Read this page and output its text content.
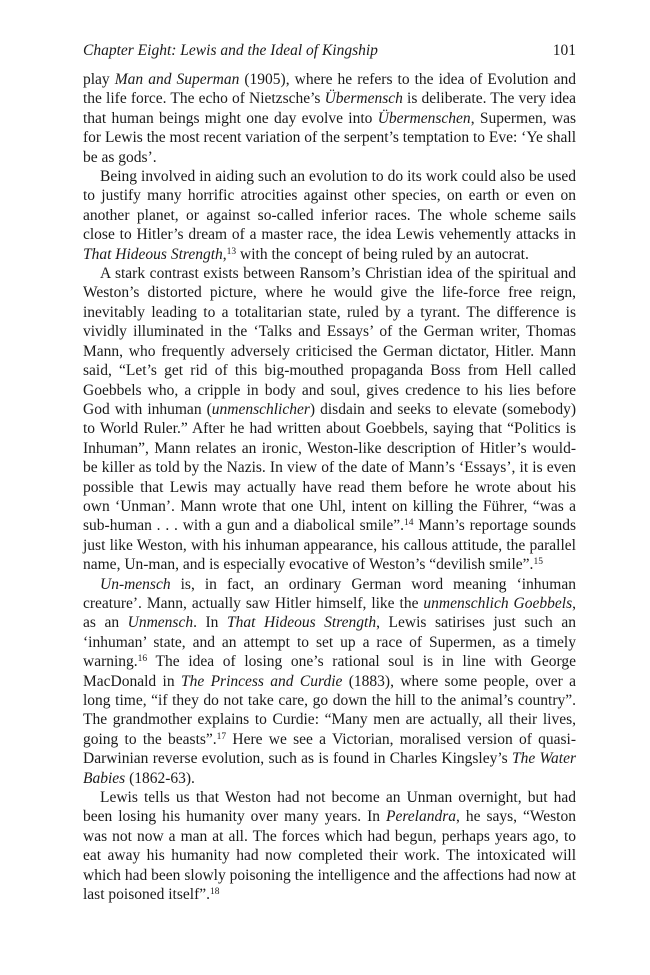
Chapter Eight: Lewis and the Ideal of Kingship	101

play Man and Superman (1905), where he refers to the idea of Evolution and the life force. The echo of Nietzsche’s Übermensch is deliberate. The very idea that human beings might one day evolve into Übermenschen, Supermen, was for Lewis the most recent variation of the serpent’s temptation to Eve: ‘Ye shall be as gods’.

Being involved in aiding such an evolution to do its work could also be used to justify many horrific atrocities against other species, on earth or even on another planet, or against so-called inferior races. The whole scheme sails close to Hitler’s dream of a master race, the idea Lewis vehemently attacks in That Hideous Strength,$^{13}$ with the concept of being ruled by an autocrat.

A stark contrast exists between Ransom’s Christian idea of the spiritual and Weston’s distorted picture, where he would give the life-force free reign, inevitably leading to a totalitarian state, ruled by a tyrant. The difference is vividly illuminated in the ‘Talks and Essays’ of the German writer, Thomas Mann, who frequently adversely criticised the German dictator, Hitler. Mann said, “Let’s get rid of this big-mouthed propaganda Boss from Hell called Goebbels who, a cripple in body and soul, gives credence to his lies before God with inhuman (unmenschlicher) disdain and seeks to elevate (somebody) to World Ruler.” After he had written about Goebbels, saying that “Politics is Inhuman”, Mann relates an ironic, Weston-like description of Hitler’s would-be killer as told by the Nazis. In view of the date of Mann’s ‘Essays’, it is even possible that Lewis may actually have read them before he wrote about his own ‘Unman’. Mann wrote that one Uhl, intent on killing the Führer, “was a sub-human . . . with a gun and a diabolical smile”.$^{14}$ Mann’s reportage sounds just like Weston, with his inhuman appearance, his callous attitude, the parallel name, Un-man, and is especially evocative of Weston’s “devilish smile”.$^{15}$

Un-mensch is, in fact, an ordinary German word meaning ‘inhuman creature’. Mann, actually saw Hitler himself, like the unmenschlich Goebbels, as an Unmensch. In That Hideous Strength, Lewis satirises just such an ‘inhuman’ state, and an attempt to set up a race of Supermen, as a timely warning.$^{16}$ The idea of losing one’s rational soul is in line with George MacDonald in The Princess and Curdie (1883), where some people, over a long time, “if they do not take care, go down the hill to the animal’s country”. The grandmother explains to Curdie: “Many men are actually, all their lives, going to the beasts”.$^{17}$ Here we see a Victorian, moralised version of quasi-Darwinian reverse evolution, such as is found in Charles Kingsley’s The Water Babies (1862-63).

Lewis tells us that Weston had not become an Unman overnight, but had been losing his humanity over many years. In Perelandra, he says, “Weston was not now a man at all. The forces which had begun, perhaps years ago, to eat away his humanity had now completed their work. The intoxicated will which had been slowly poisoning the intelligence and the affections had now at last poisoned itself”.$^{18}$
